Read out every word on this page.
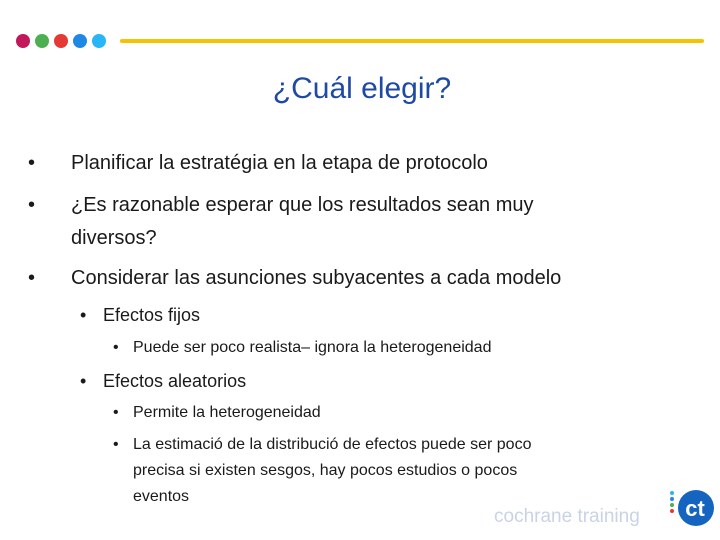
¿Cuál elegir?
• Planificar la estratégia en la etapa de protocolo
• ¿Es razonable esperar que los resultados sean muy
diversos?
• Considerar las asunciones subyacentes a cada modelo
• Efectos fijos
• Puede ser poco realista– ignora la heterogeneidad
• Efectos aleatorios
• Permite la heterogeneidad
• La estimació de la distribució de efectos puede ser poco
precisa si existen sesgos, hay pocos estudios o pocos
eventos
cochrane training ct
